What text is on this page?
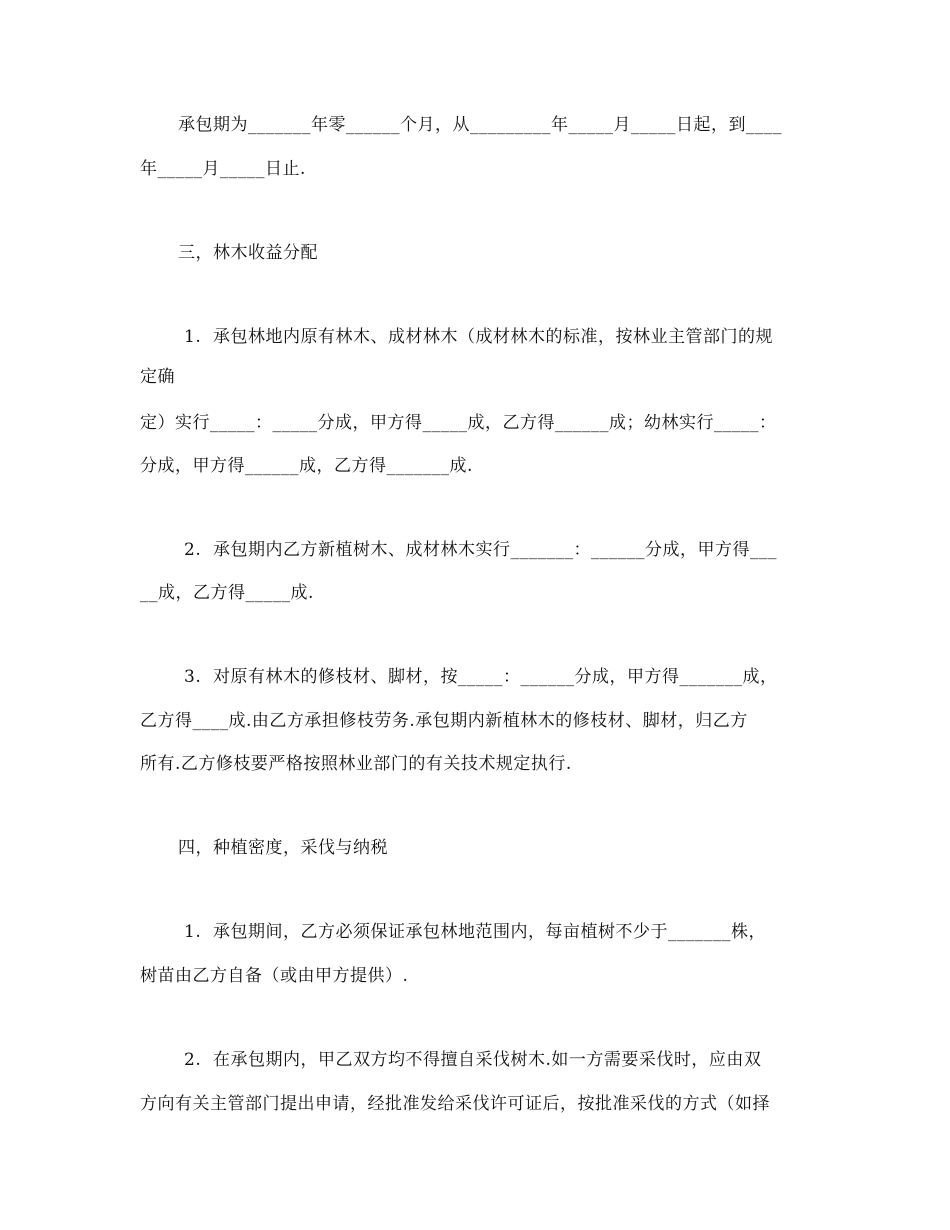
承包期为_______年零______个月，从_________年_____月_____日起，到____
年_____月_____日止.
三，林木收益分配
1.  承包林地内原有林木、成材林木（成材林木的标准，按林业主管部门的规
定确
定）实行_____：_____分成，甲方得_____成，乙方得______成；幼林实行_____：
分成，甲方得______成，乙方得_______成.
2.  承包期内乙方新植树木、成材林木实行_______：______分成，甲方得___
__成，乙方得_____成.
3.  对原有林木的修枝材、脚材，按_____：______分成，甲方得_______成，
乙方得____成.由乙方承担修枝劳务.承包期内新植林木的修枝材、脚材，归乙方
所有.乙方修枝要严格按照林业部门的有关技术规定执行.
四，种植密度，采伐与纳税
1.  承包期间，乙方必须保证承包林地范围内，每亩植树不少于_______株，
树苗由乙方自备（或由甲方提供）.
2.  在承包期内，甲乙双方均不得擅自采伐树木.如一方需要采伐时，应由双
方向有关主管部门提出申请，经批准发给采伐许可证后，按批准采伐的方式（如择
